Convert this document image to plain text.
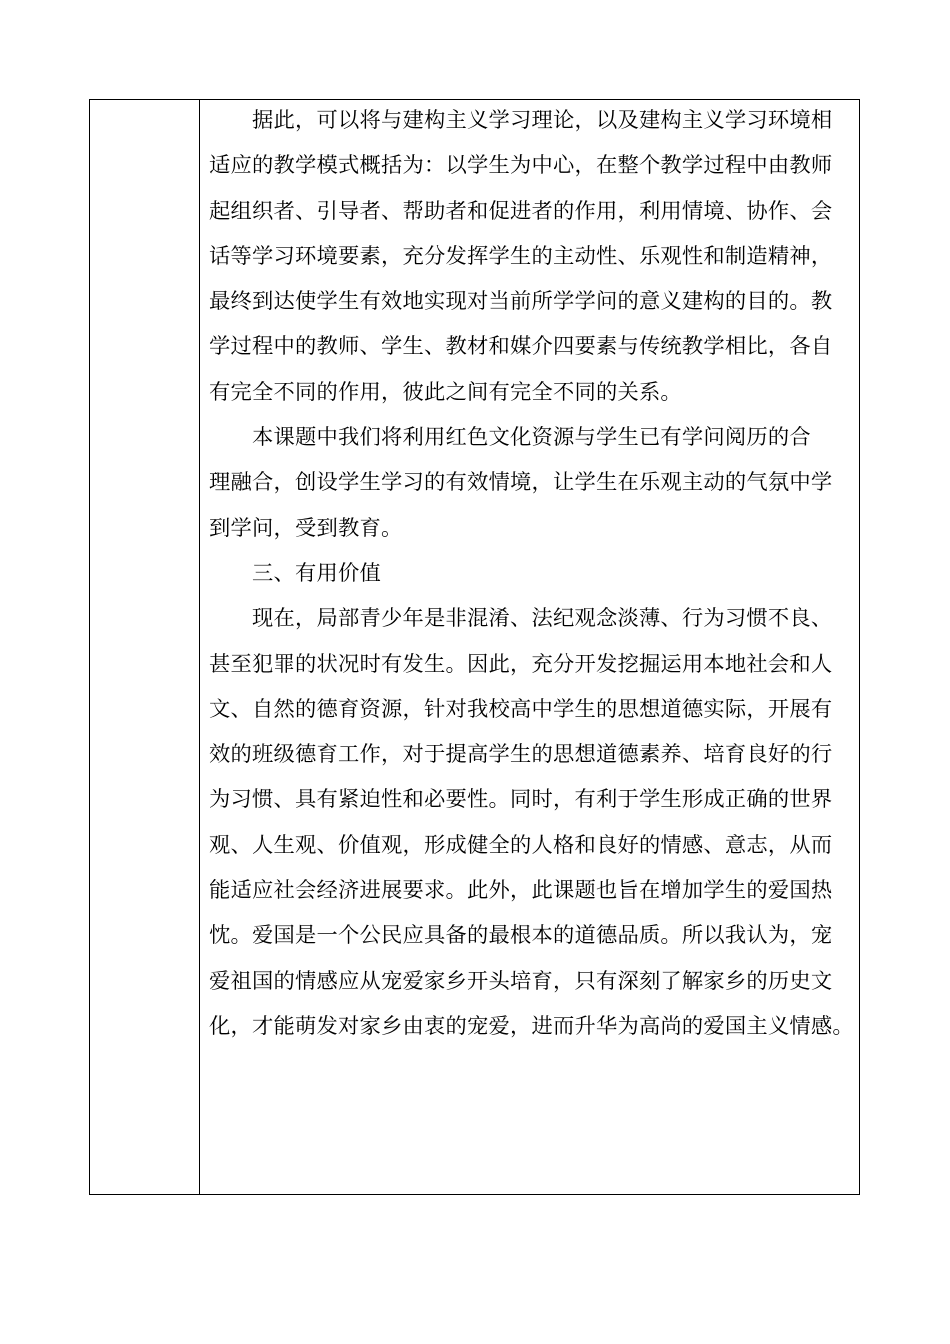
　　据此，可以将与建构主义学习理论，以及建构主义学习环境相
适应的教学模式概括为：以学生为中心，在整个教学过程中由教师
起组织者、引导者、帮助者和促进者的作用，利用情境、协作、会
话等学习环境要素，充分发挥学生的主动性、乐观性和制造精神，
最终到达使学生有效地实现对当前所学学问的意义建构的目的。教
学过程中的教师、学生、教材和媒介四要素与传统教学相比，各自
有完全不同的作用，彼此之间有完全不同的关系。
　　本课题中我们将利用红色文化资源与学生已有学问阅历的合
理融合，创设学生学习的有效情境，让学生在乐观主动的气氛中学
到学问，受到教育。
　　三、有用价值
　　现在，局部青少年是非混淆、法纪观念淡薄、行为习惯不良、
甚至犯罪的状况时有发生。因此，充分开发挖掘运用本地社会和人
文、自然的德育资源，针对我校高中学生的思想道德实际，开展有
效的班级德育工作，对于提高学生的思想道德素养、培育良好的行
为习惯、具有紧迫性和必要性。同时，有利于学生形成正确的世界
观、人生观、价值观，形成健全的人格和良好的情感、意志，从而
能适应社会经济进展要求。此外，此课题也旨在增加学生的爱国热
忱。爱国是一个公民应具备的最根本的道德品质。所以我认为，宠
爱祖国的情感应从宠爱家乡开头培育，只有深刻了解家乡的历史文
化，才能萌发对家乡由衷的宠爱，进而升华为高尚的爱国主义情感。
